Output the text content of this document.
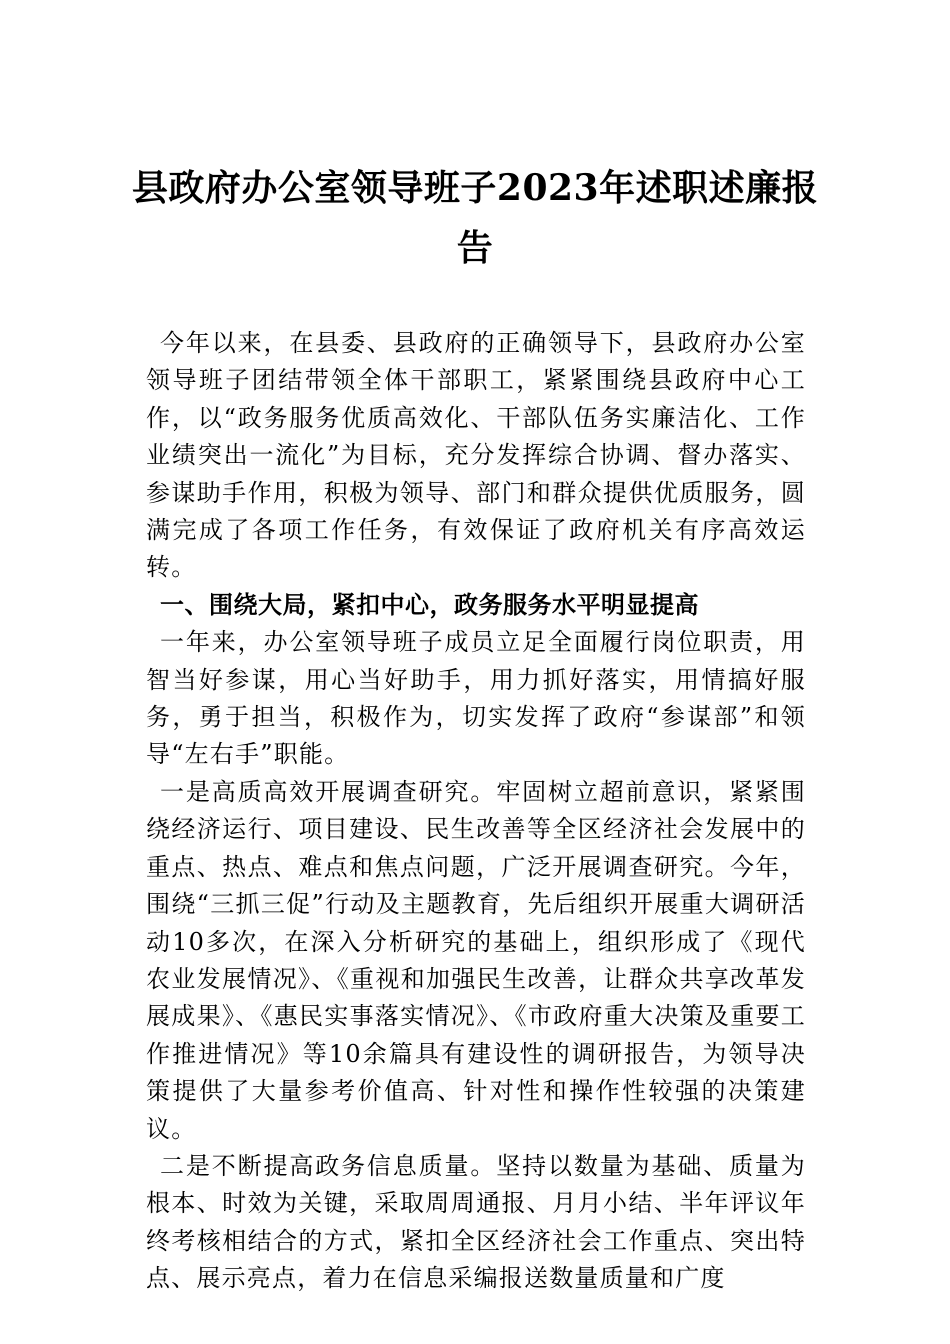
县政府办公室领导班子2023年述职述廉报告

今年以来，在县委、县政府的正确领导下，县政府办公室领导班子团结带领全体干部职工，紧紧围绕县政府中心工作，以“政务服务优质高效化、干部队伍务实廉洁化、工作业绩突出一流化”为目标，充分发挥综合协调、督办落实、参谋助手作用，积极为领导、部门和群众提供优质服务，圆满完成了各项工作任务，有效保证了政府机关有序高效运转。

一、围绕大局，紧扣中心，政务服务水平明显提高

一年来，办公室领导班子成员立足全面履行岗位职责，用智当好参谋，用心当好助手，用力抓好落实，用情搞好服务，勇于担当，积极作为，切实发挥了政府“参谋部”和领导“左右手”职能。

一是高质高效开展调查研究。牢固树立超前意识，紧紧围绕经济运行、项目建设、民生改善等全区经济社会发展中的重点、热点、难点和焦点问题，广泛开展调查研究。今年，围绕“三抓三促”行动及主题教育，先后组织开展重大调研活动10多次，在深入分析研究的基础上，组织形成了《现代农业发展情况》、《重视和加强民生改善，让群众共享改革发展成果》、《惠民实事落实情况》、《市政府重大决策及重要工作推进情况》等10余篇具有建设性的调研报告，为领导决策提供了大量参考价值高、针对性和操作性较强的决策建议。

二是不断提高政务信息质量。坚持以数量为基础、质量为根本、时效为关键，采取周周通报、月月小结、半年评议年终考核相结合的方式，紧扣全区经济社会工作重点、突出特点、展示亮点，着力在信息采编报送数量质量和广度
